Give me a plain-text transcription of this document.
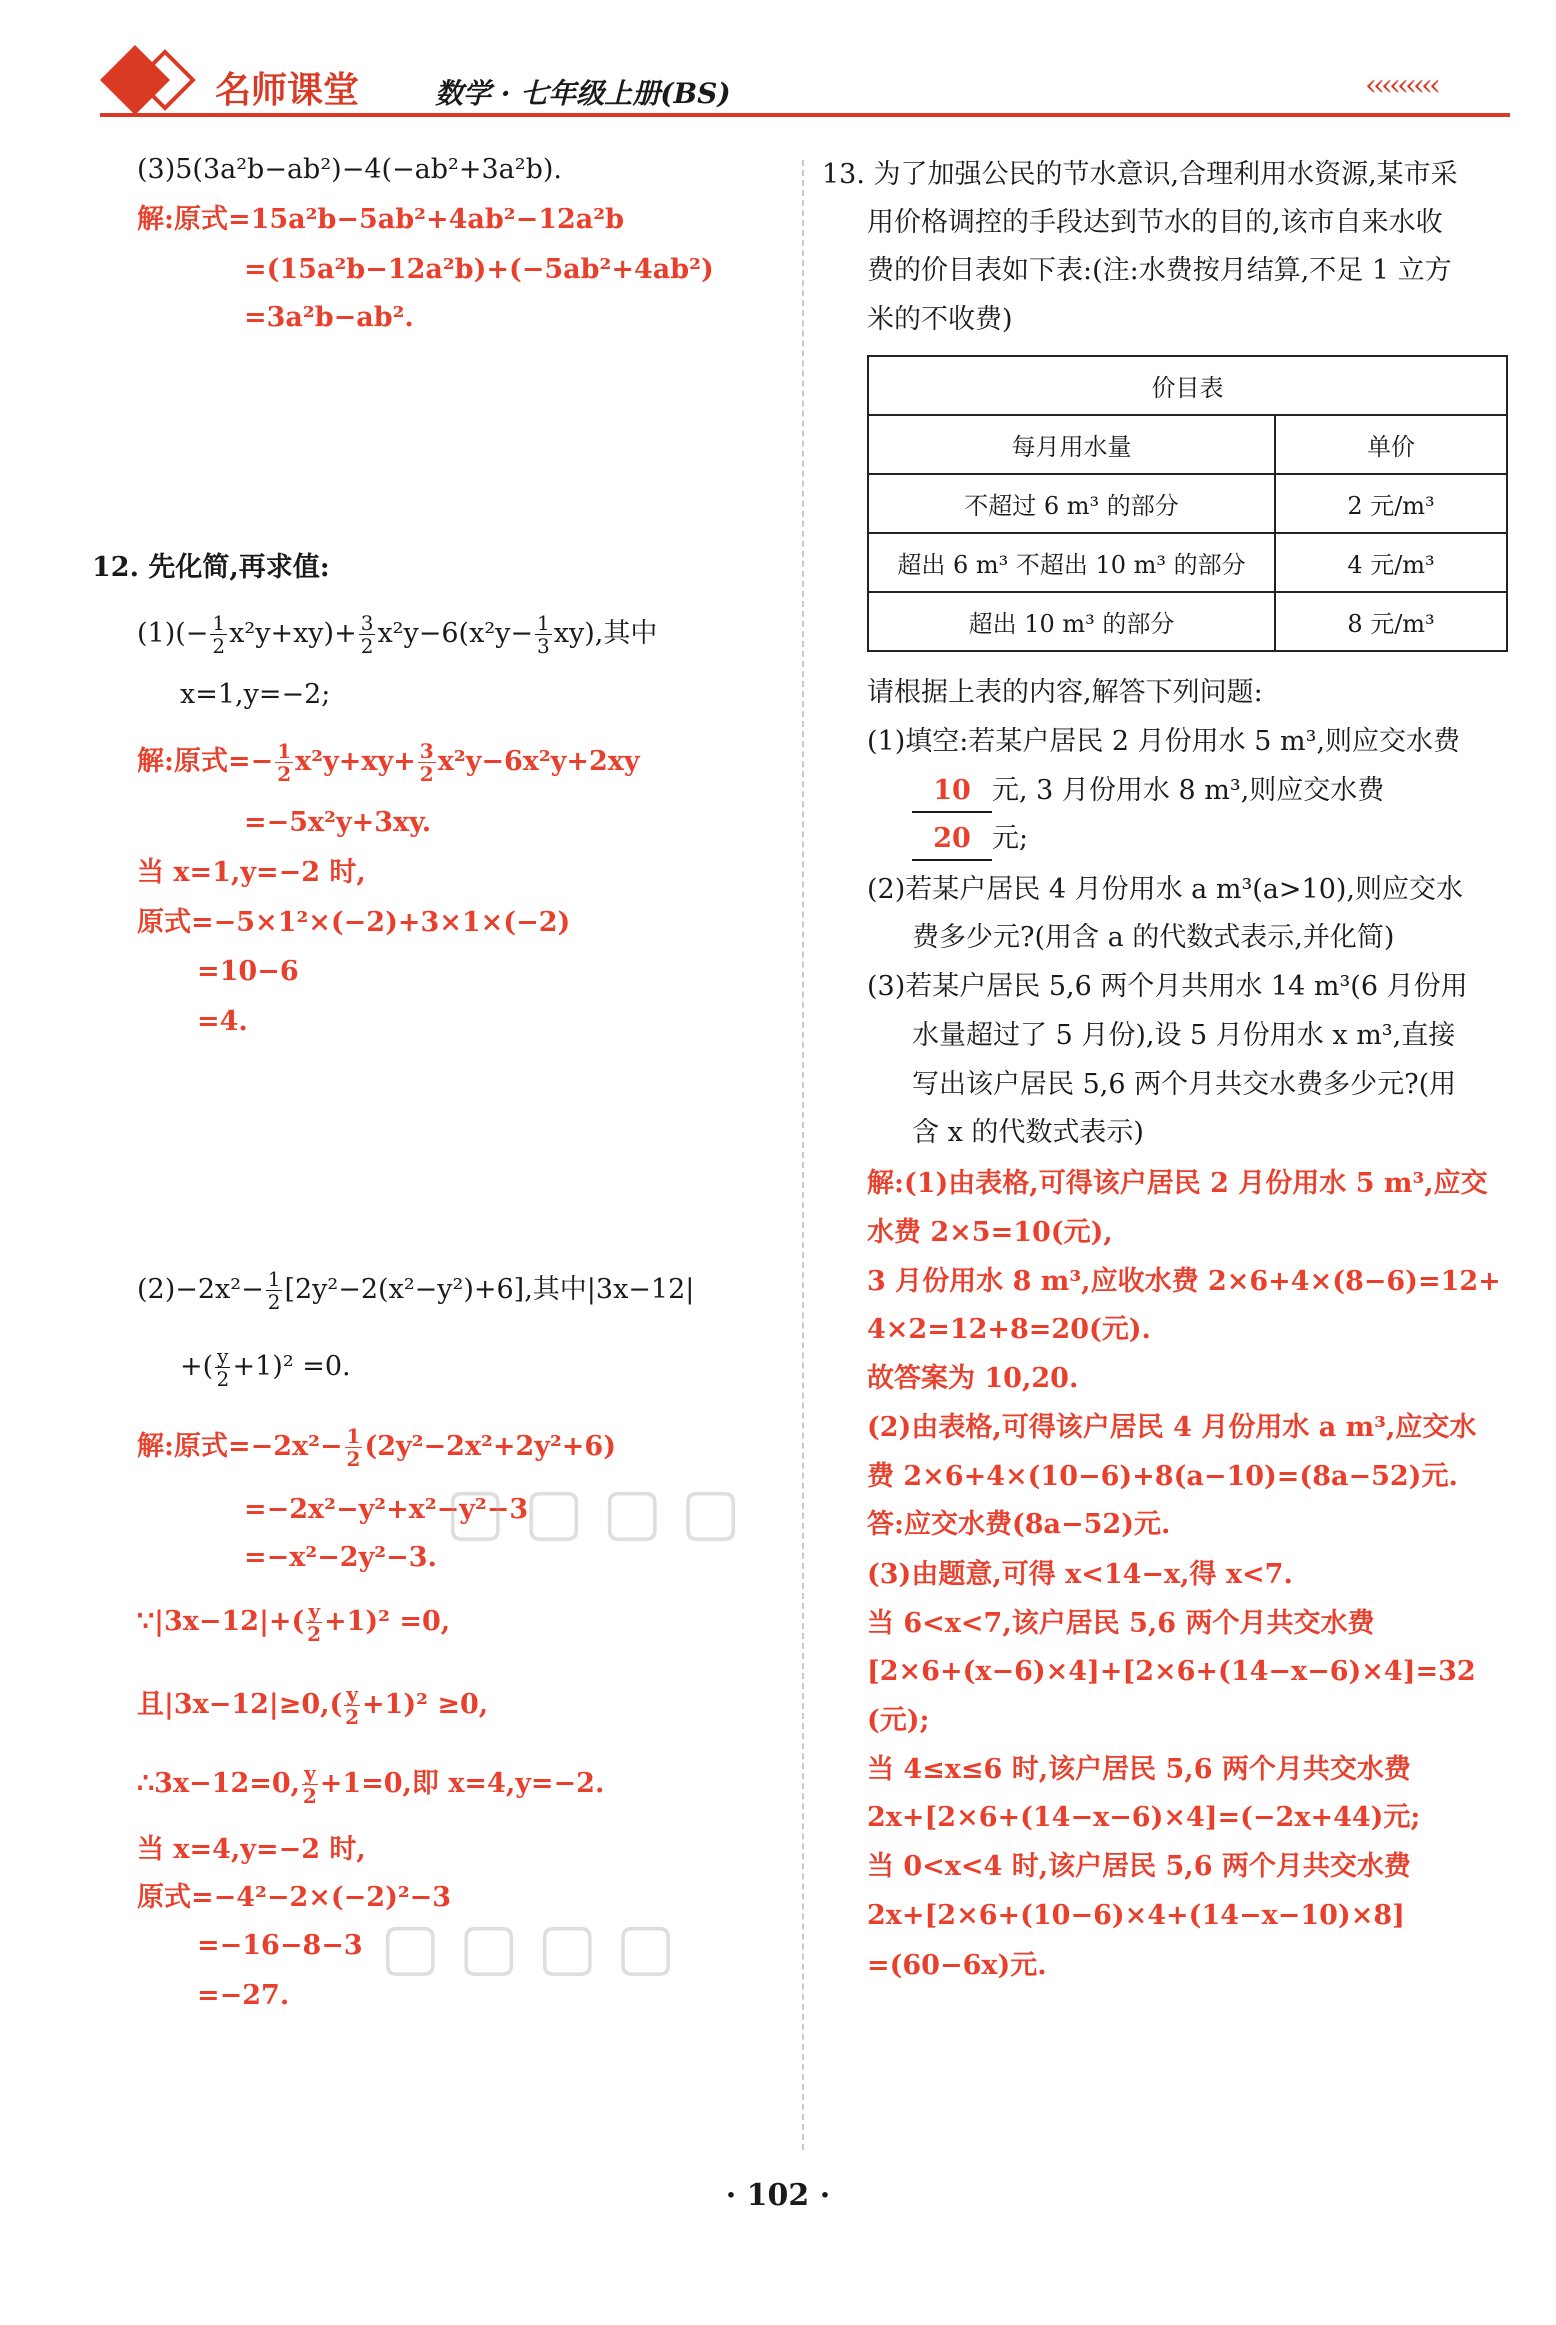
名师课堂	数学 · 七年级上册(BS)	‹‹‹‹‹‹‹‹‹
(3)5(3a²b−ab²)−4(−ab²+3a²b).
解:原式=15a²b−5ab²+4ab²−12a²b
=(15a²b−12a²b)+(−5ab²+4ab²)
=3a²b−ab².
12. 先化简,再求值:
$(1)(- \frac{1}{2} x^2y+xy)+ \frac{3}{2} x^2y-6(x^2y- \frac{1}{3} xy)$,其中
x=1,y=−2;
解:原式=− $\frac{1}{2} x^2y+xy+ \frac{3}{2} x^2y-6x^2y+2xy$
=−5x²y+3xy.
当 x=1,y=−2 时,
原式=−5×1²×(−2)+3×1×(−2)
=10−6
=4.
$(2)-2x^2- \frac{1}{2} [2y^2-2(x^2-y^2)+6]$,其中|3x−12|
+( $\frac{y}{2} +1)^2 =0$.
解:原式$=-2x^2- \frac{1}{2} (2y^2-2x^2+2y^2+6)$
=−2x²−y²+x²−y²−3
=−x²−2y²−3.
∵|3x−12|+( $\frac{y}{2} +1)^2 =0$,
且$|3x-12|\ge 0,( \frac{y}{2} +1)^2 \ge 0$,
∴3x−12=0, $\frac{y}{2} +1=0$,即 x=4,y=−2.
当 x=4,y=−2 时,
原式=−4²−2×(−2)²−3
=−16−8−3
=−27.
13. 为了加强公民的节水意识,合理利用水资源,某市采
用价格调控的手段达到节水的目的,该市自来水收
费的价目表如下表:(注:水费按月结算,不足 1 立方
米的不收费)
价目表	
每月用水量	单价
不超过 6 m³ 的部分	2 元/m³
超出 6 m³ 不超出 10 m³ 的部分	4 元/m³
超出 10 m³ 的部分	8 元/m³
请根据上表的内容,解答下列问题:
(1)填空:若某户居民 2 月份用水 5 m³,则应交水费
10 元, 3 月份用水 8 m³,则应交水费
20 元;
(2)若某户居民 4 月份用水 a m³(a>10),则应交水
费多少元?(用含 a 的代数式表示,并化简)
(3)若某户居民 5,6 两个月共用水 14 m³(6 月份用
水量超过了 5 月份),设 5 月份用水 x m³,直接
写出该户居民 5,6 两个月共交水费多少元?(用
含 x 的代数式表示)
解:(1)由表格,可得该户居民 2 月份用水 5 m³,应交
水费 2×5=10(元),
3 月份用水 8 m³,应收水费 2×6+4×(8−6)=12+
4×2=12+8=20(元).
故答案为 10,20.
(2)由表格,可得该户居民 4 月份用水 a m³,应交水
费 2×6+4×(10−6)+8(a−10)=(8a−52)元.
答:应交水费(8a−52)元.
(3)由题意,可得 x<14−x,得 x<7.
当 6<x<7,该户居民 5,6 两个月共交水费
[2×6+(x−6)×4]+[2×6+(14−x−6)×4]=32
(元);
当 4≤x≤6 时,该户居民 5,6 两个月共交水费
2x+[2×6+(14−x−6)×4]=(−2x+44)元;
当 0<x<4 时,该户居民 5,6 两个月共交水费
2x+[2×6+(10−6)×4+(14−x−10)×8]
=(60−6x)元.
▢▢▢▢
▢▢▢▢
· 102 ·
